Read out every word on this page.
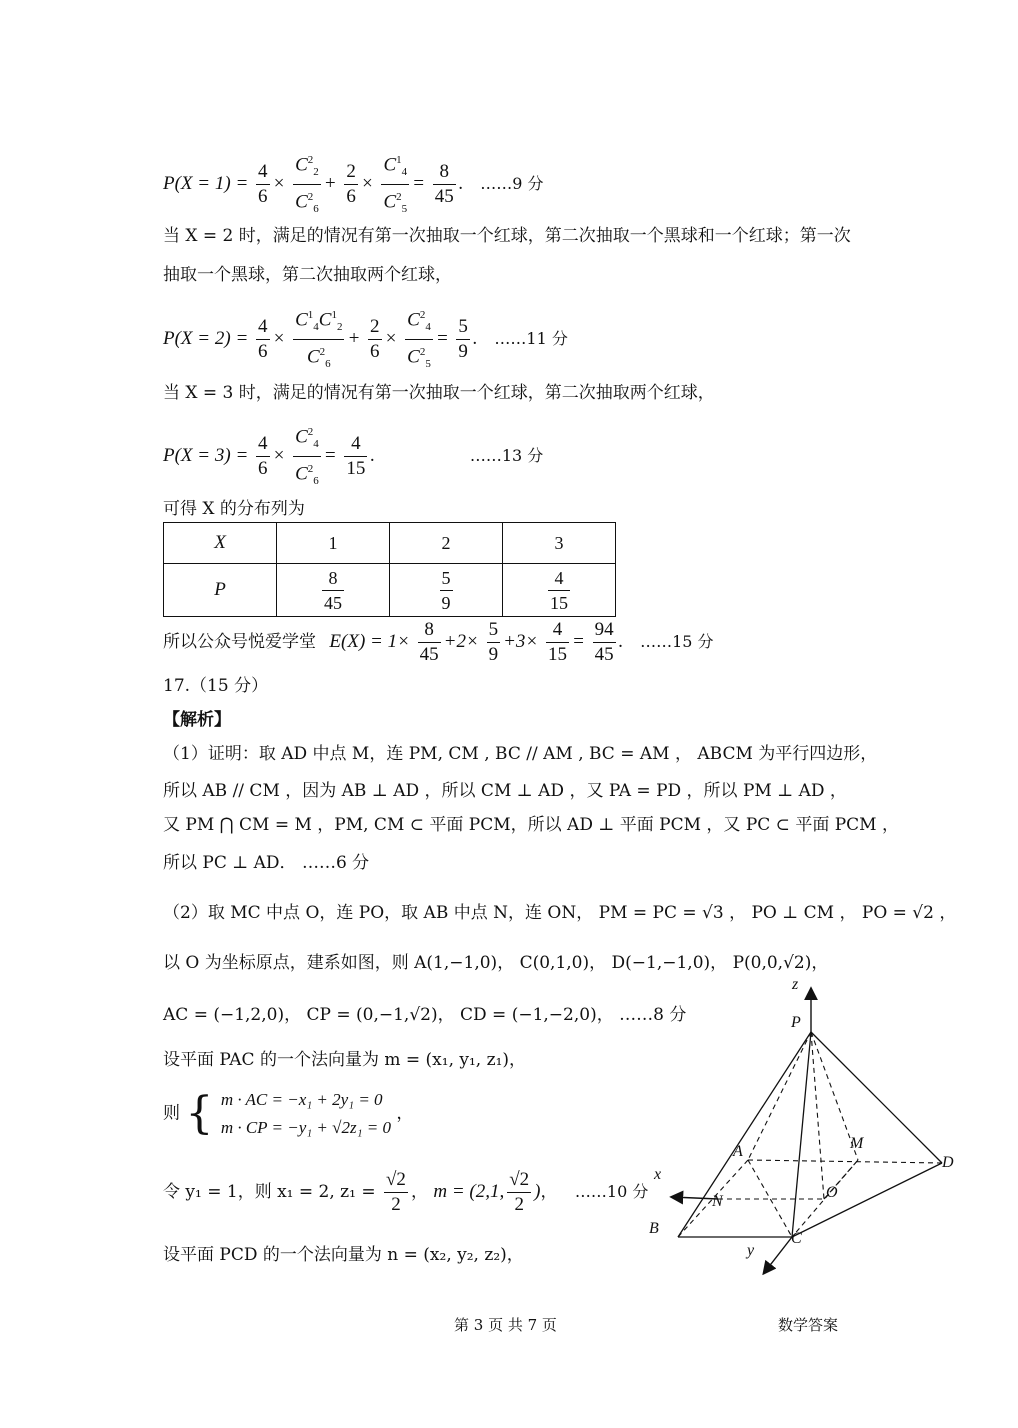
$P(X = 1) = \frac{4}{6} \times \frac{C^2_2}{C^2_6} + \frac{2}{6} \times \frac{C^1_4}{C^2_5} = \frac{8}{45}$ . ……9 分
当 X = 2 时，满足的情况有第一次抽取一个红球，第二次抽取一个黑球和一个红球；第一次
抽取一个黑球，第二次抽取两个红球，
$P(X = 2) = \frac{4}{6} \times \frac{C^1_4C^1_2}{C^2_6} + \frac{2}{6} \times \frac{C^2_4}{C^2_5} = \frac{5}{9}$ . ……11 分
当 X = 3 时，满足的情况有第一次抽取一个红球，第二次抽取两个红球，
$P(X = 3) = \frac{4}{6} \times \frac{C^2_4}{C^2_6} = \frac{4}{15}$ .	……13 分
可得 X 的分布列为
X	1	2	3
P	$\frac{8}{45}$	$\frac{5}{9}$	$\frac{4}{15}$
所以公众号悦爱学堂 $E(X) = 1\times \frac{8}{45} +2\times \frac{5}{9} +3\times \frac{4}{15} = \frac{94}{45}$ . ……15 分
17.（15 分）
【解析】
（1）证明：取 AD 中点 M，连 PM, CM , BC // AM , BC = AM ， ABCM 为平行四边形，
所以 AB // CM ，因为 AB ⊥ AD ，所以 CM ⊥ AD ，又 PA = PD ，所以 PM ⊥ AD ，
又 PM ⋂ CM = M ，PM, CM ⊂ 平面 PCM，所以 AD ⊥ 平面 PCM ，又 PC ⊂ 平面 PCM ，
所以 PC ⊥ AD． ……6 分
（2）取 MC 中点 O，连 PO，取 AB 中点 N，连 ON， PM = PC = √3 ， PO ⊥ CM ， PO = √2 ，
以 O 为坐标原点，建系如图，则 A(1,−1,0)， C(0,1,0)， D(−1,−1,0)， P(0,0,√2)，
AC = (−1,2,0)， CP = (0,−1,√2)， CD = (−1,−2,0)， ……8 分
设平面 PAC 的一个法向量为 m = (x₁, y₁, z₁)，
则 { m · AC = −x₁ + 2y₁ = 0
m · CP = −y₁ + √2z₁ = 0
，
令 y₁ = 1，则 x₁ = 2, $z_1 = \frac{√2}{2}$ ， m = (2,1, $\frac{√2}{2}$ )， ……10 分
设平面 PCD 的一个法向量为 n = (x₂, y₂, z₂)，
z
P
M
A
D
x
N
O
B
C
y
第 3 页 共 7 页	数学答案
